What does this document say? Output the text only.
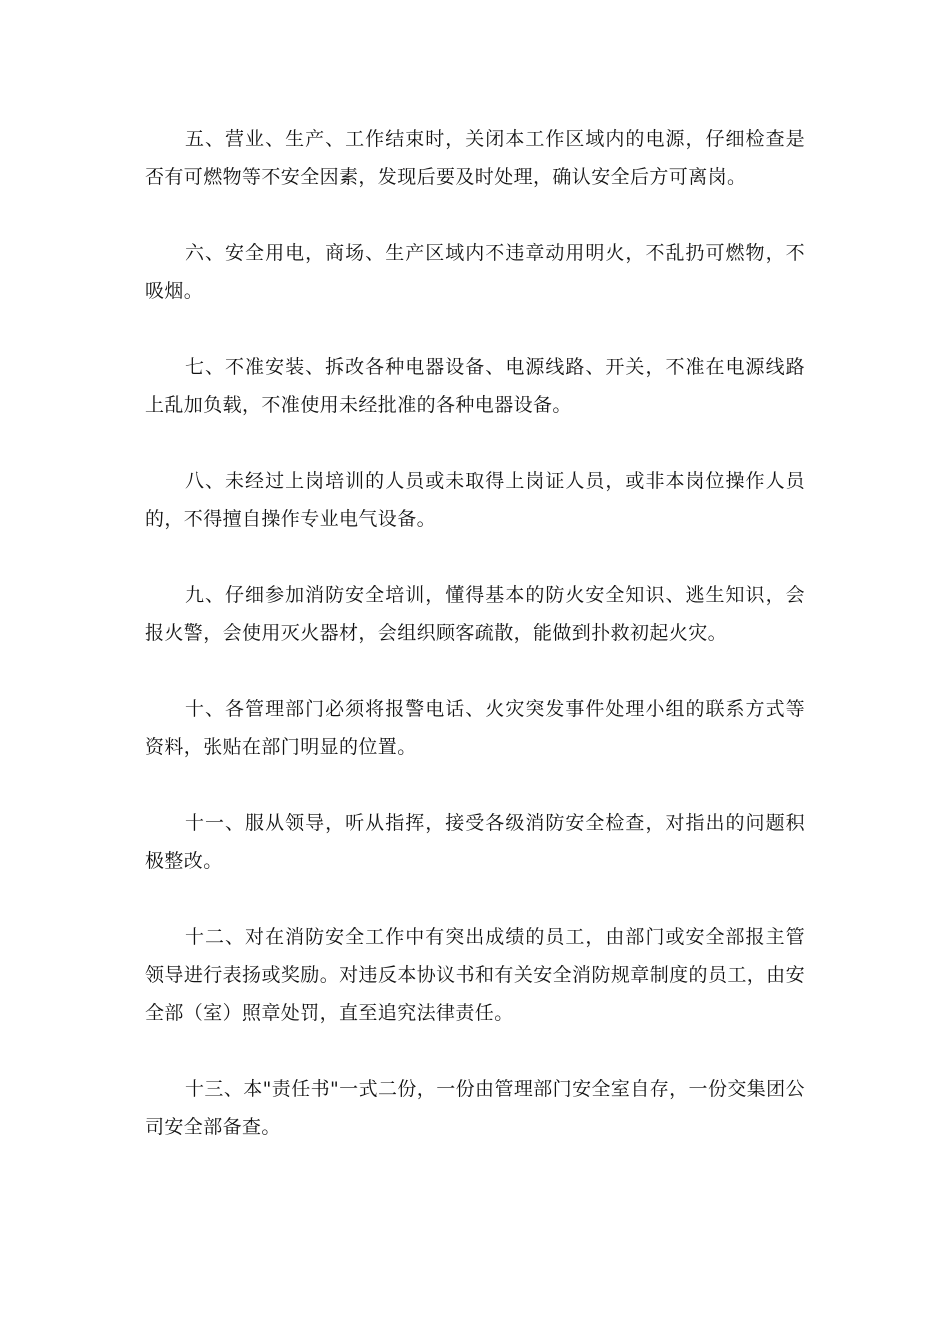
五、营业、生产、工作结束时，关闭本工作区域内的电源，仔细检查是否有可燃物等不安全因素，发现后要及时处理，确认安全后方可离岗。

六、安全用电，商场、生产区域内不违章动用明火，不乱扔可燃物，不吸烟。

七、不准安装、拆改各种电器设备、电源线路、开关，不准在电源线路上乱加负载，不准使用未经批准的各种电器设备。

八、未经过上岗培训的人员或未取得上岗证人员，或非本岗位操作人员的，不得擅自操作专业电气设备。

九、仔细参加消防安全培训，懂得基本的防火安全知识、逃生知识，会报火警，会使用灭火器材，会组织顾客疏散，能做到扑救初起火灾。

十、各管理部门必须将报警电话、火灾突发事件处理小组的联系方式等资料，张贴在部门明显的位置。

十一、服从领导，听从指挥，接受各级消防安全检查，对指出的问题积极整改。

十二、对在消防安全工作中有突出成绩的员工，由部门或安全部报主管领导进行表扬或奖励。对违反本协议书和有关安全消防规章制度的员工，由安全部（室）照章处罚，直至追究法律责任。

十三、本"责任书"一式二份，一份由管理部门安全室自存，一份交集团公司安全部备查。
